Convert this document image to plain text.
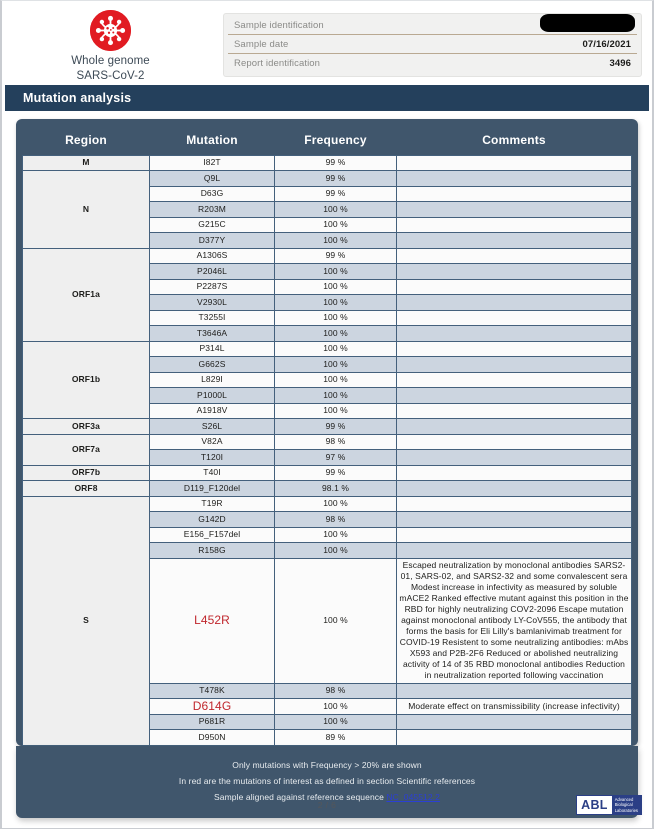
Whole genome
SARS-CoV-2
Sample identification
Sample date	07/16/2021
Report identification	3496
Mutation analysis
Region	Mutation	Frequency	Comments
M	I82T	99 %	
N	Q9L	99 %	
	D63G	99 %	
	R203M	100 %	
	G215C	100 %	
	D377Y	100 %	
ORF1a	A1306S	99 %	
	P2046L	100 %	
	P2287S	100 %	
	V2930L	100 %	
	T3255I	100 %	
	T3646A	100 %	
ORF1b	P314L	100 %	
	G662S	100 %	
	L829I	100 %	
	P1000L	100 %	
	A1918V	100 %	
ORF3a	S26L	99 %	
ORF7a	V82A	98 %	
	T120I	97 %	
ORF7b	T40I	99 %	
ORF8	D119_F120del	98.1 %	
S	T19R	100 %	
	G142D	98 %	
	E156_F157del	100 %	
	R158G	100 %	
	L452R	100 %	Escaped neutralization by monoclonal antibodies SARS2-01, SARS-02, and SARS2-32 and some convalescent sera Modest increase in infectivity as measured by soluble mACE2 Ranked effective mutant against this position in the RBD for highly neutralizing COV2-2096 Escape mutation against monoclonal antibody LY-CoV555, the antibody that forms the basis for Eli Lilly's bamlanivimab treatment for COVID-19 Resistent to some neutralizing antibodies: mAbs X593 and P2B-2F6 Reduced or abolished neutralizing activity of 14 of 35 RBD monoclonal antibodies Reduction in neutralization reported following vaccination
	T478K	98 %	
	D614G	100 %	Moderate effect on transmissibility (increase infectivity)
	P681R	100 %	
	D950N	89 %	

Only mutations with Frequency > 20% are shown

In red are the mutations of interest as defined in section Scientific references

Sample aligned against reference sequence NC_045512.2

2 / 6	ABL	Advanced
Biological
Laboratories
